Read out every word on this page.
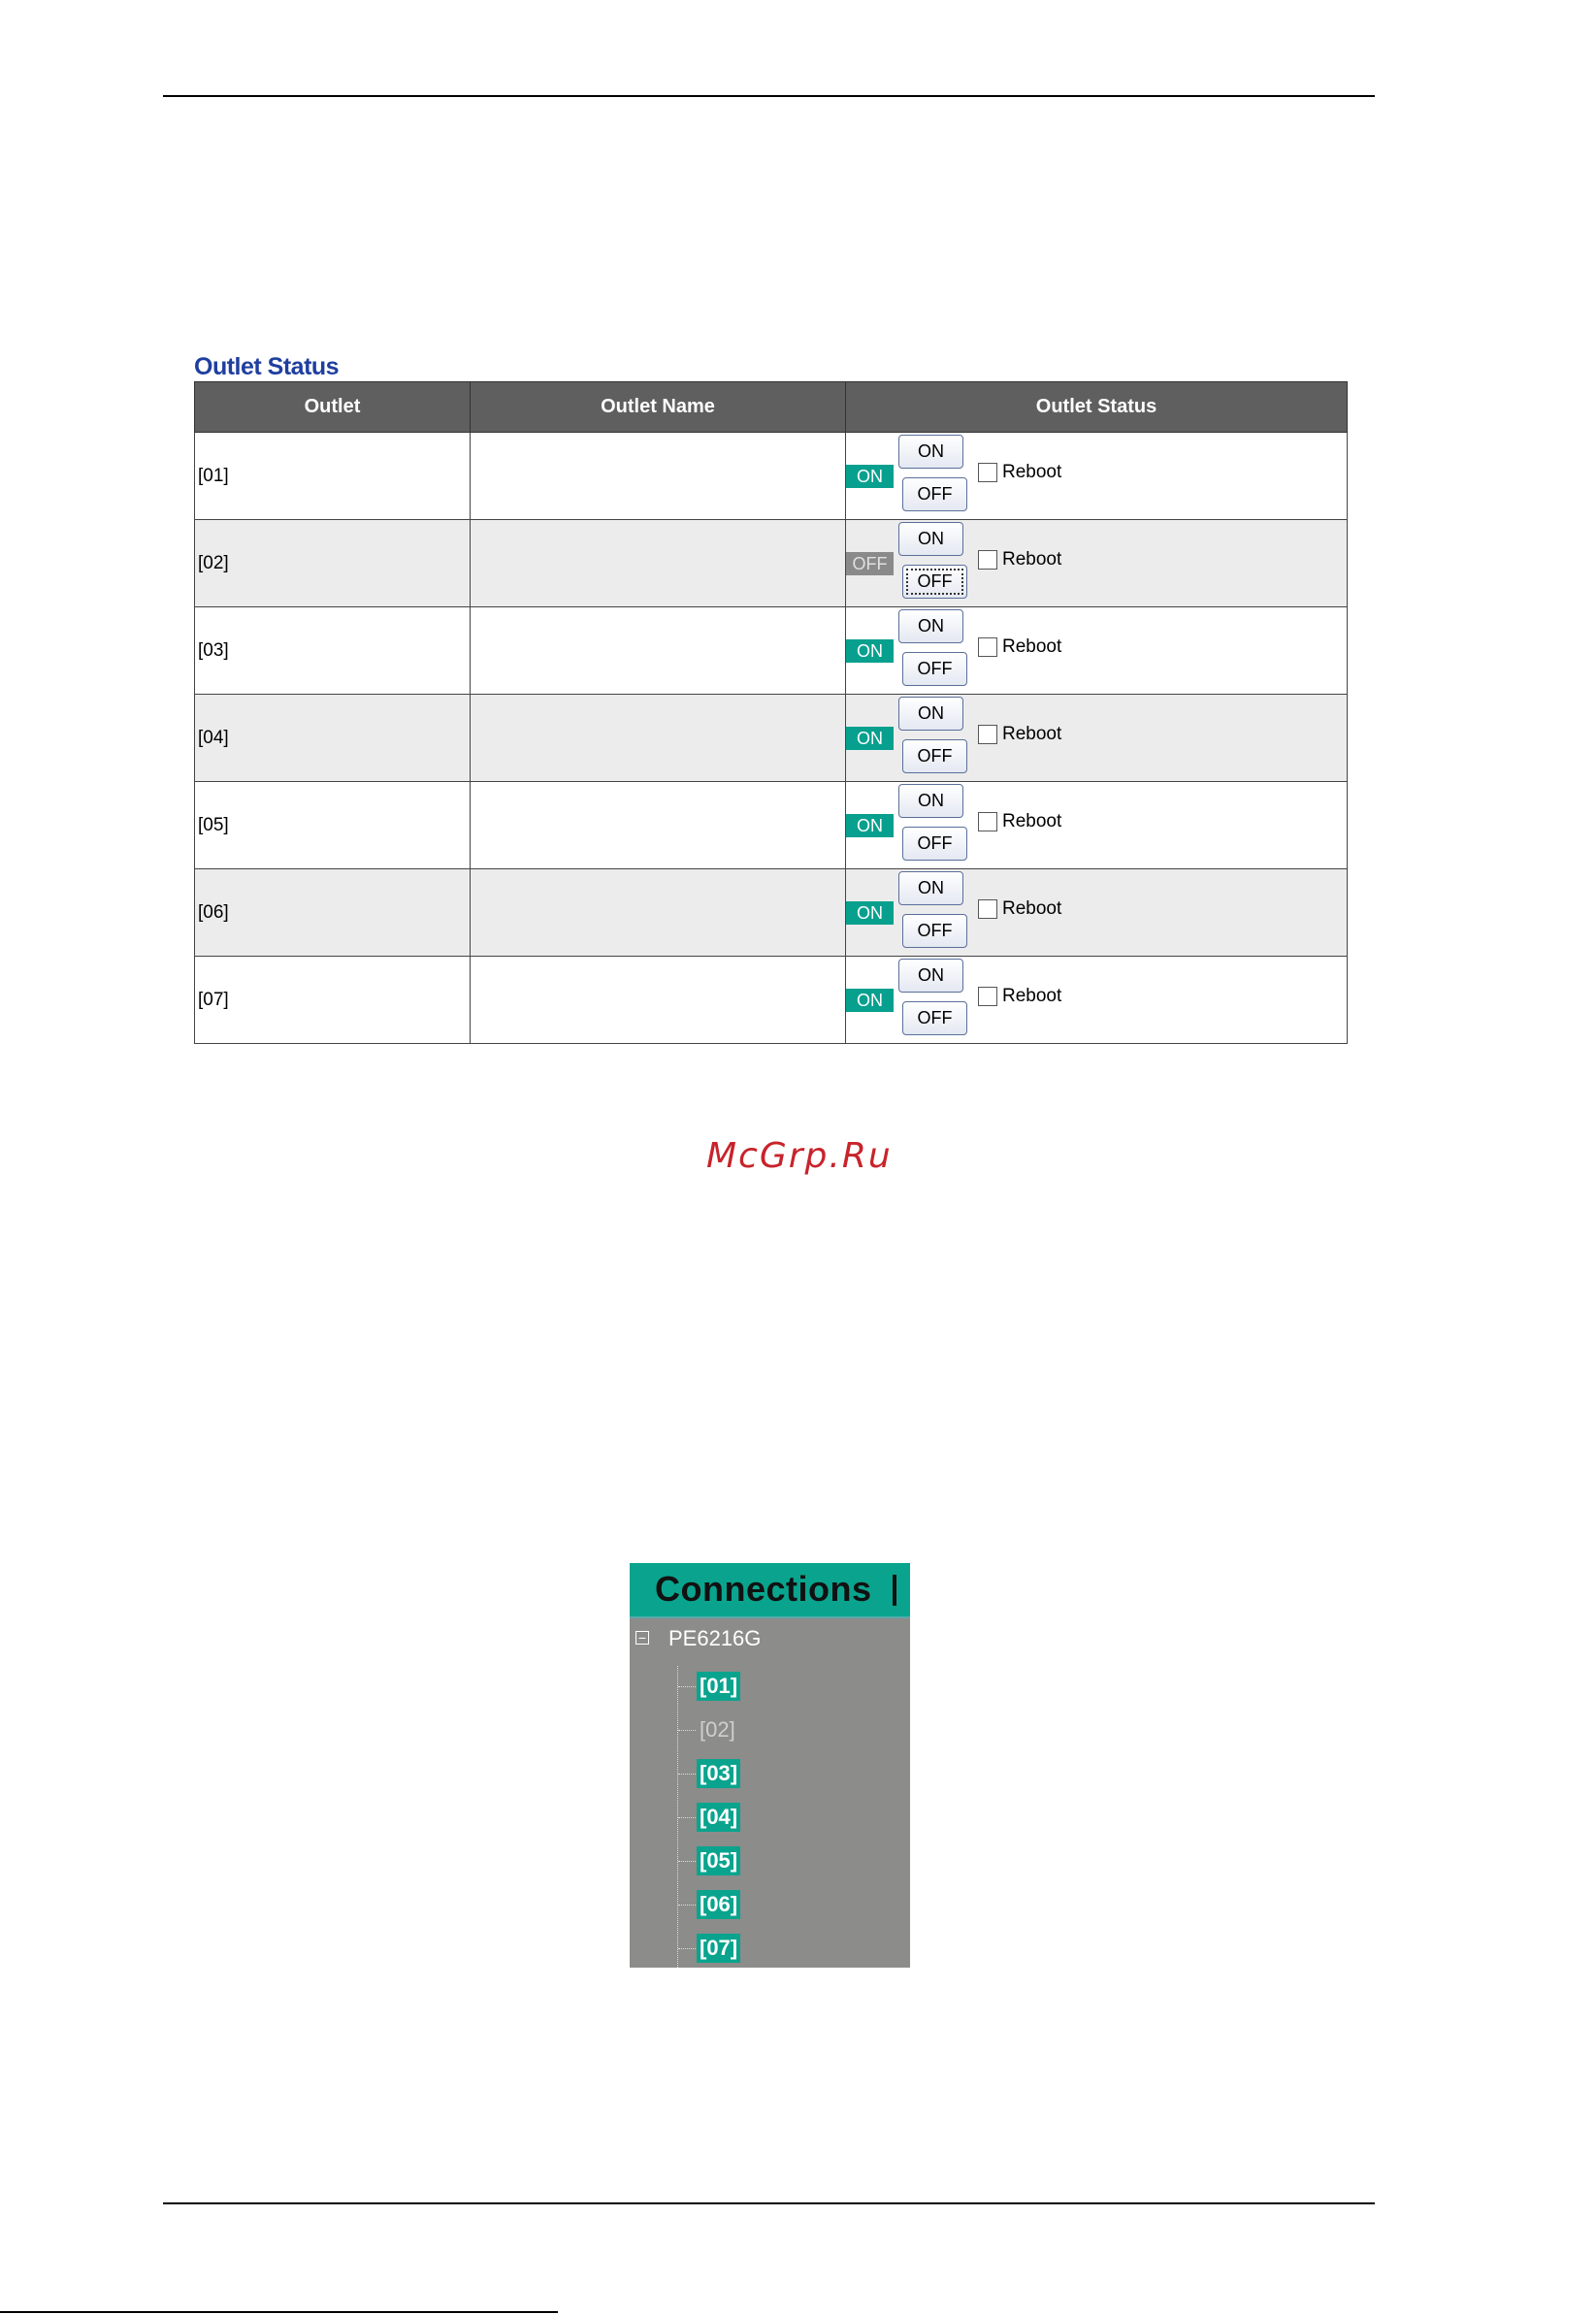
Outlet Status
Outlet	Outlet Name	Outlet Status
[01]		ON
ON
OFF
Reboot

[02]		OFF
ON
OFF
Reboot

[03]		ON
ON
OFF
Reboot

[04]		ON
ON
OFF
Reboot

[05]		ON
ON
OFF
Reboot

[06]		ON
ON
OFF
Reboot

[07]		ON
ON
OFF
Reboot
McGrp.Ru
Connections
− PE6216G
[01]
[02]
[03]
[04]
[05]
[06]
[07]
